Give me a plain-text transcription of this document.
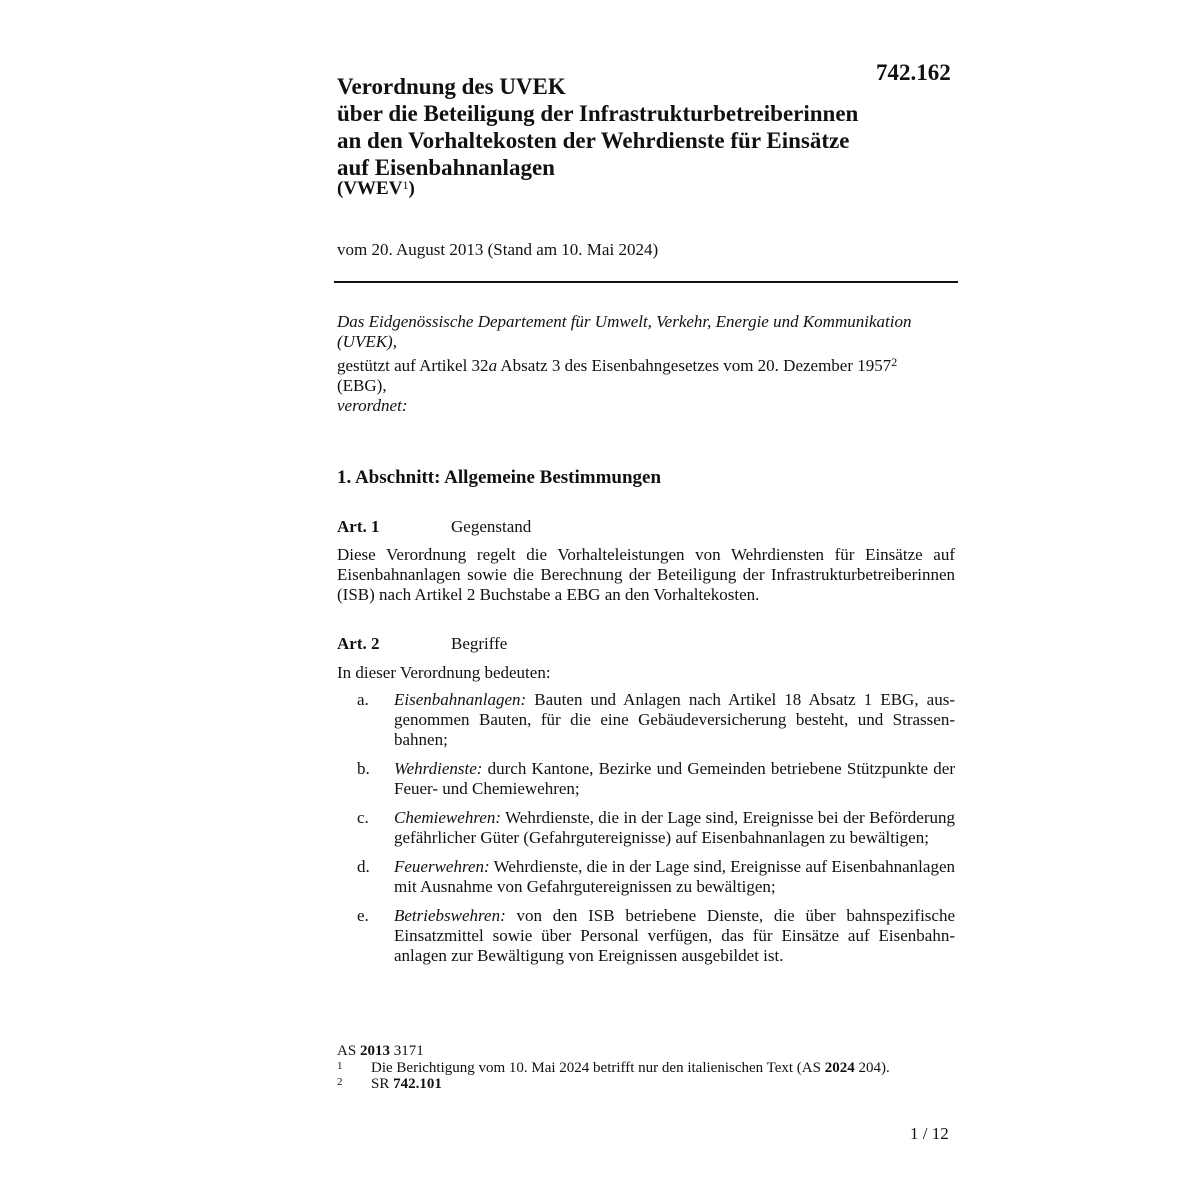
742.162

Verordnung des UVEK
über die Beteiligung der Infrastrukturbetreiberinnen
an den Vorhaltekosten der Wehrdienste für Einsätze
auf Eisenbahnanlagen

(VWEV$^1$)

vom 20. August 2013 (Stand am 10. Mai 2024)

Das Eidgenössische Departement für Umwelt, Verkehr, Energie und Kommunikation (UVEK),

gestützt auf Artikel 32a Absatz 3 des Eisenbahngesetzes vom 20. Dezember 1957$^2$
(EBG),

verordnet:

1. Abschnitt: Allgemeine Bestimmungen
Art. 1	Gegenstand

Diese Verordnung regelt die Vorhalteleistungen von Wehrdiensten für Einsätze auf Eisenbahnanlagen sowie die Berechnung der Beteiligung der Infrastrukturbetreiberinnen (ISB) nach Artikel 2 Buchstabe a EBG an den Vorhaltekosten.

Art. 2	Begriffe

In dieser Verordnung bedeuten:

a. Eisenbahnanlagen: Bauten und Anlagen nach Artikel 18 Absatz 1 EBG, ausgenommen Bauten, für die eine Gebäudeversicherung besteht, und Strassenbahnen;
b. Wehrdienste: durch Kantone, Bezirke und Gemeinden betriebene Stützpunkte der Feuer- und Chemiewehren;
c. Chemiewehren: Wehrdienste, die in der Lage sind, Ereignisse bei der Beförderung gefährlicher Güter (Gefahrgutereignisse) auf Eisenbahnanlagen zu bewältigen;
d. Feuerwehren: Wehrdienste, die in der Lage sind, Ereignisse auf Eisenbahnanlagen mit Ausnahme von Gefahrgutereignissen zu bewältigen;
e. Betriebswehren: von den ISB betriebene Dienste, die über bahnspezifische Einsatzmittel sowie über Personal verfügen, das für Einsätze auf Eisenbahnanlagen zur Bewältigung von Ereignissen ausgebildet ist.

AS 2013 3171

1 Die Berichtigung vom 10. Mai 2024 betrifft nur den italienischen Text (AS 2024 204).

2 SR 742.101

1 / 12
